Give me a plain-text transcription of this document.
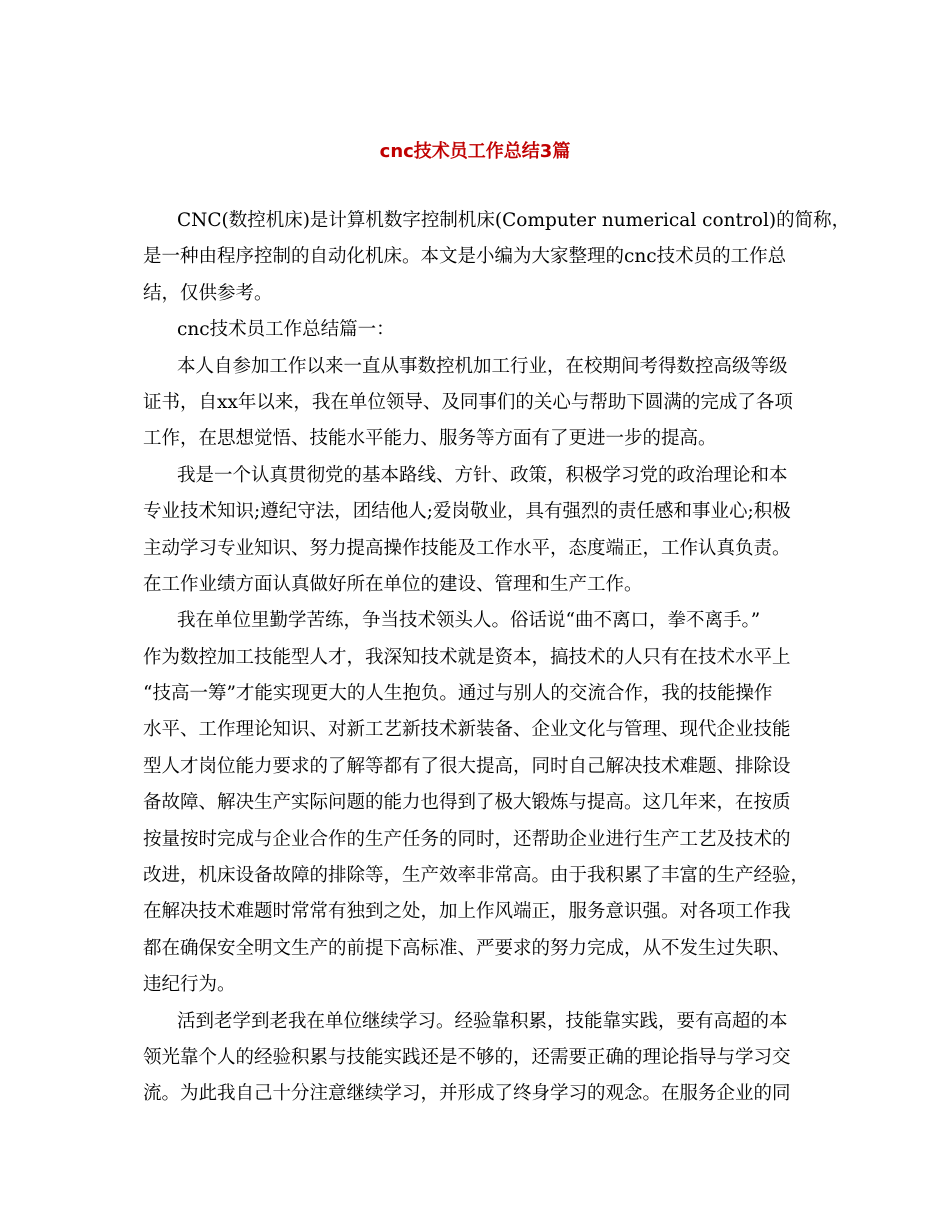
cnc技术员工作总结3篇
CNC(数控机床)是计算机数字控制机床(Computer numerical control)的简称，
是一种由程序控制的自动化机床。本文是小编为大家整理的cnc技术员的工作总
结，仅供参考。
cnc技术员工作总结篇一：
本人自参加工作以来一直从事数控机加工行业，在校期间考得数控高级等级
证书，自xx年以来，我在单位领导、及同事们的关心与帮助下圆满的完成了各项
工作，在思想觉悟、技能水平能力、服务等方面有了更进一步的提高。
我是一个认真贯彻党的基本路线、方针、政策，积极学习党的政治理论和本
专业技术知识;遵纪守法，团结他人;爱岗敬业，具有强烈的责任感和事业心;积极
主动学习专业知识、努力提高操作技能及工作水平，态度端正，工作认真负责。
在工作业绩方面认真做好所在单位的建设、管理和生产工作。
我在单位里勤学苦练，争当技术领头人。俗话说“曲不离口，拳不离手。”
作为数控加工技能型人才，我深知技术就是资本，搞技术的人只有在技术水平上
“技高一筹”才能实现更大的人生抱负。通过与别人的交流合作，我的技能操作
水平、工作理论知识、对新工艺新技术新装备、企业文化与管理、现代企业技能
型人才岗位能力要求的了解等都有了很大提高，同时自己解决技术难题、排除设
备故障、解决生产实际问题的能力也得到了极大锻炼与提高。这几年来，在按质
按量按时完成与企业合作的生产任务的同时，还帮助企业进行生产工艺及技术的
改进，机床设备故障的排除等，生产效率非常高。由于我积累了丰富的生产经验，
在解决技术难题时常常有独到之处，加上作风端正，服务意识强。对各项工作我
都在确保安全明文生产的前提下高标准、严要求的努力完成，从不发生过失职、
违纪行为。
活到老学到老我在单位继续学习。经验靠积累，技能靠实践，要有高超的本
领光靠个人的经验积累与技能实践还是不够的，还需要正确的理论指导与学习交
流。为此我自己十分注意继续学习，并形成了终身学习的观念。在服务企业的同
